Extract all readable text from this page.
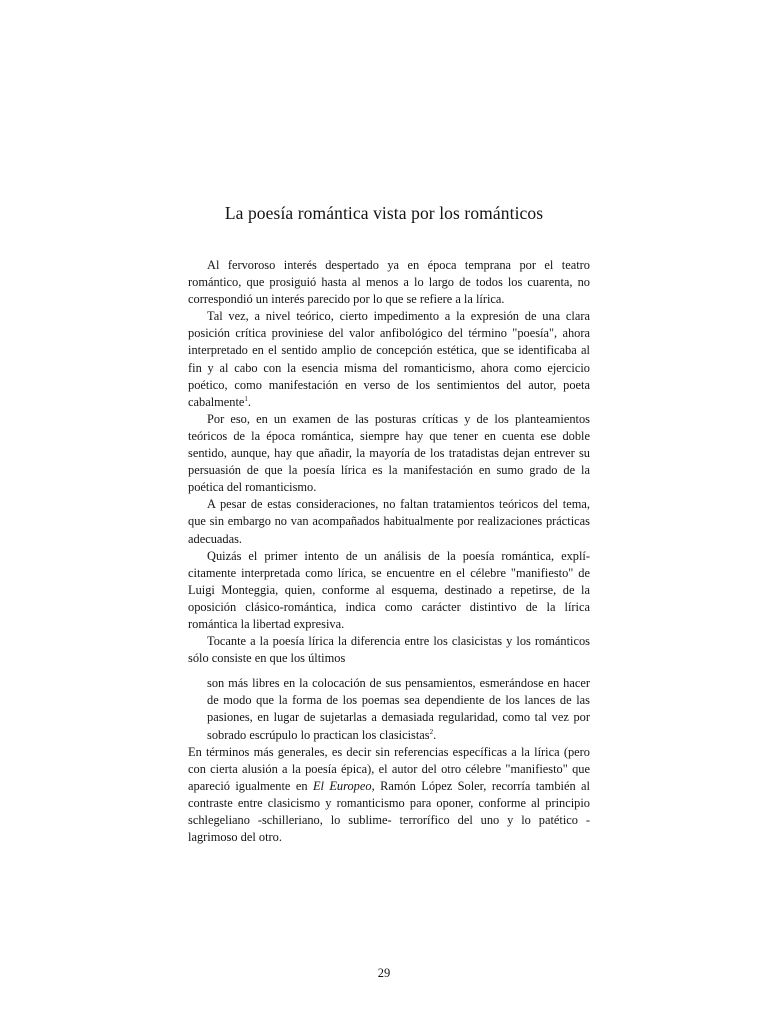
La poesía romántica vista por los románticos

Al fervoroso interés despertado ya en época temprana por el teatro romántico, que prosiguió hasta al menos a lo largo de todos los cuarenta, no correspondió un interés parecido por lo que se refiere a la lírica.

Tal vez, a nivel teórico, cierto impedimento a la expresión de una clara posición crítica proviniese del valor anfibológico del término "poesía", ahora interpretado en el sentido amplio de concepción estética, que se identificaba al fin y al cabo con la esencia misma del romanticismo, ahora como ejercicio poético, como manifestación en verso de los sentimientos del autor, poeta cabalmente$^1$.

Por eso, en un examen de las posturas críticas y de los planteamientos teóricos de la época romántica, siempre hay que tener en cuenta ese doble sentido, aunque, hay que añadir, la mayoría de los tratadistas dejan entrever su persuasión de que la poesía lírica es la manifestación en sumo grado de la poética del romanticismo.

A pesar de estas consideraciones, no faltan tratamientos teóricos del tema, que sin embargo no van acompañados habitualmente por realizaciones prácticas adecuadas.

Quizás el primer intento de un análisis de la poesía romántica, explícitamente interpretada como lírica, se encuentre en el célebre "manifiesto" de Luigi Monteggia, quien, conforme al esquema, destinado a repetirse, de la oposición clásico-romántica, indica como carácter distintivo de la lírica romántica la libertad expresiva.

Tocante a la poesía lírica la diferencia entre los clasicistas y los románticos sólo consiste en que los últimos

son más libres en la colocación de sus pensamientos, esmerándose en hacer de modo que la forma de los poemas sea dependiente de los lances de las pasiones, en lugar de sujetarlas a demasiada regularidad, como tal vez por sobrado escrúpulo lo practican los clasicistas$^2$.

En términos más generales, es decir sin referencias específicas a la lírica (pero con cierta alusión a la poesía épica), el autor del otro célebre "manifiesto" que apareció igualmente en El Europeo, Ramón López Soler, recorría también al contraste entre clasicismo y romanticismo para oponer, conforme al principio schlegeliano -schilleriano, lo sublime- terrorífico del uno y lo patético -lagrimoso del otro.

29
